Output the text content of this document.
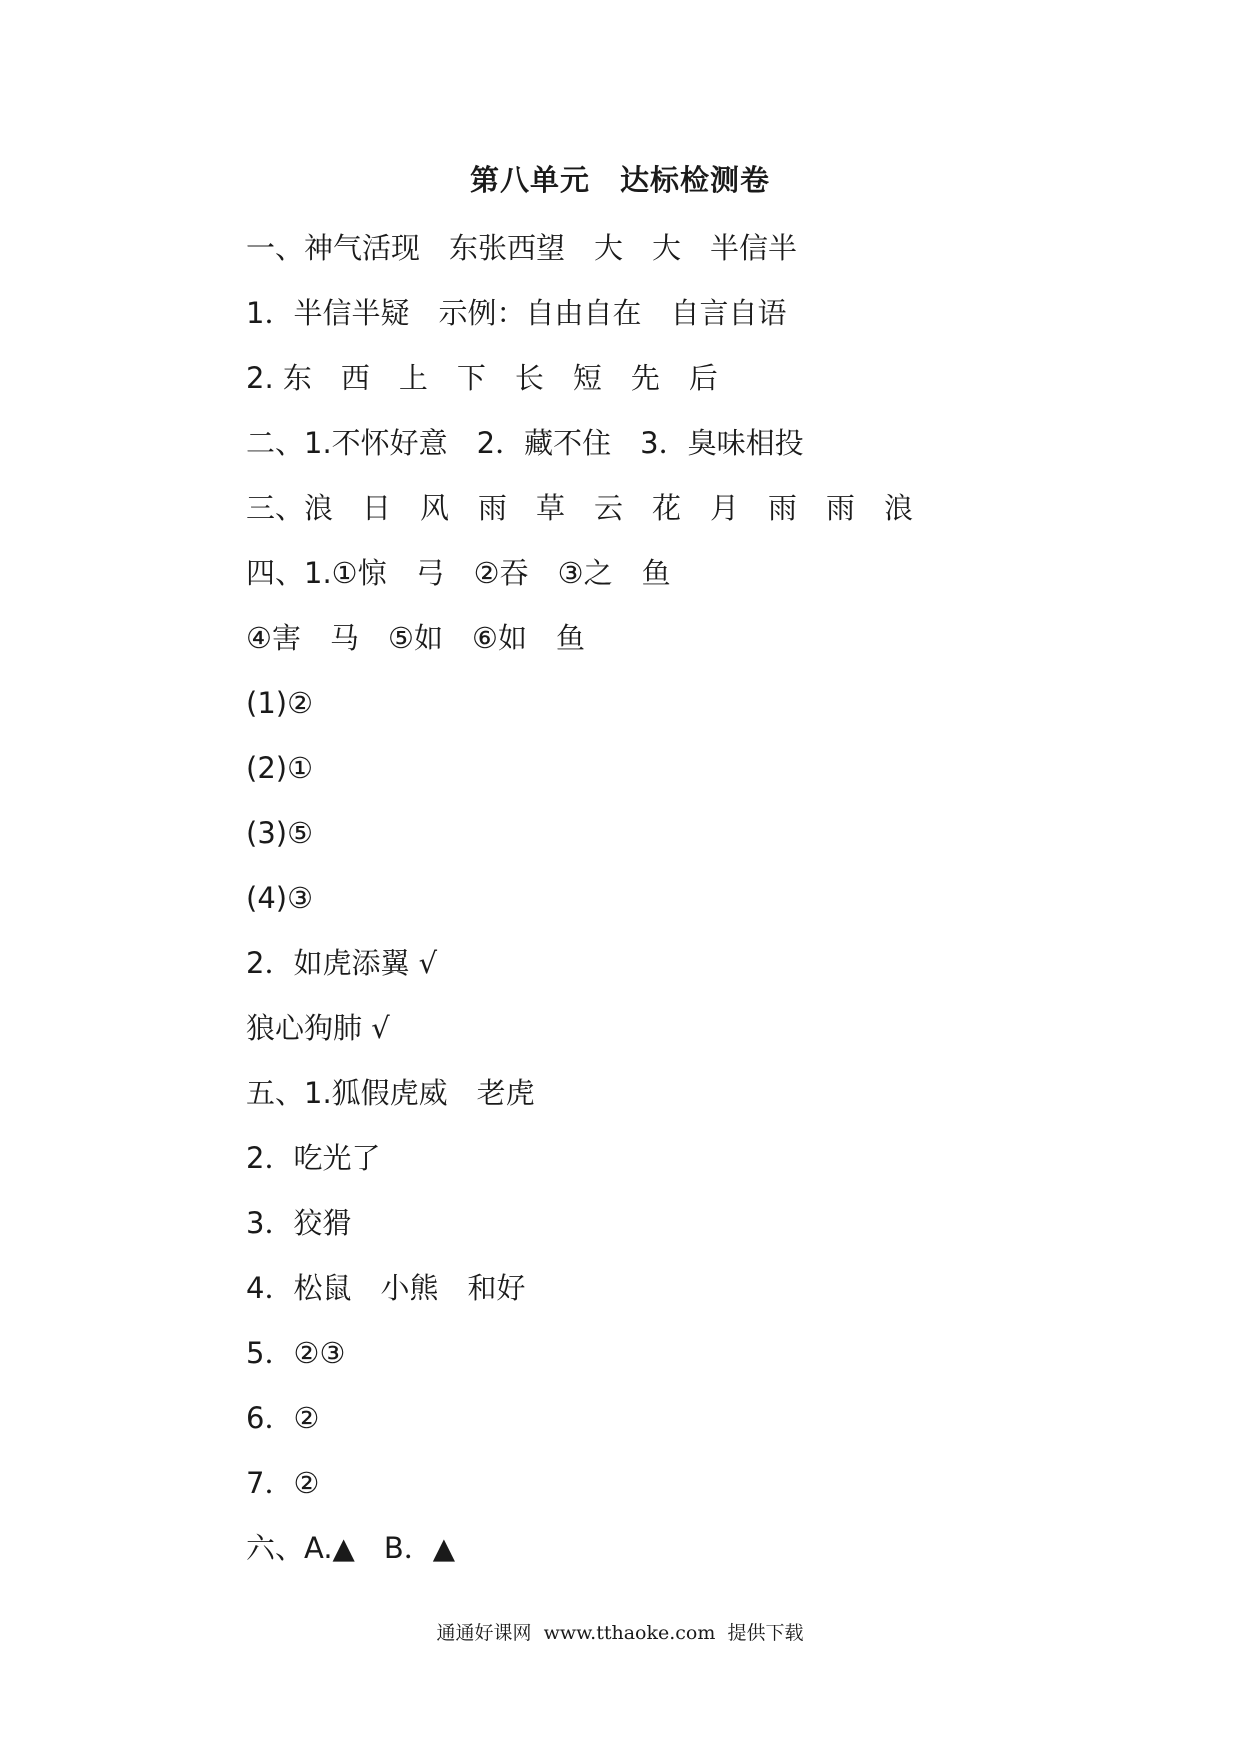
第八单元　达标检测卷
一、神气活现　东张西望　大　大　半信半
1．半信半疑　示例：自由自在　自言自语
2. 东　西　上　下　长　短　先　后
二、1.不怀好意　2．藏不住　3．臭味相投
三、浪　日　风　雨　草　云　花　月　雨　雨　浪
四、1.①惊　弓　②吞　③之　鱼
④害　马　⑤如　⑥如　鱼
(1)②
(2)①
(3)⑤
(4)③
2．如虎添翼 √
狼心狗肺 √
五、1.狐假虎威　老虎
2．吃光了
3．狡猾
4．松鼠　小熊　和好
5．②③
6．②
7．②
六、A.▲　B．▲
通通好课网  www.tthaoke.com  提供下载
